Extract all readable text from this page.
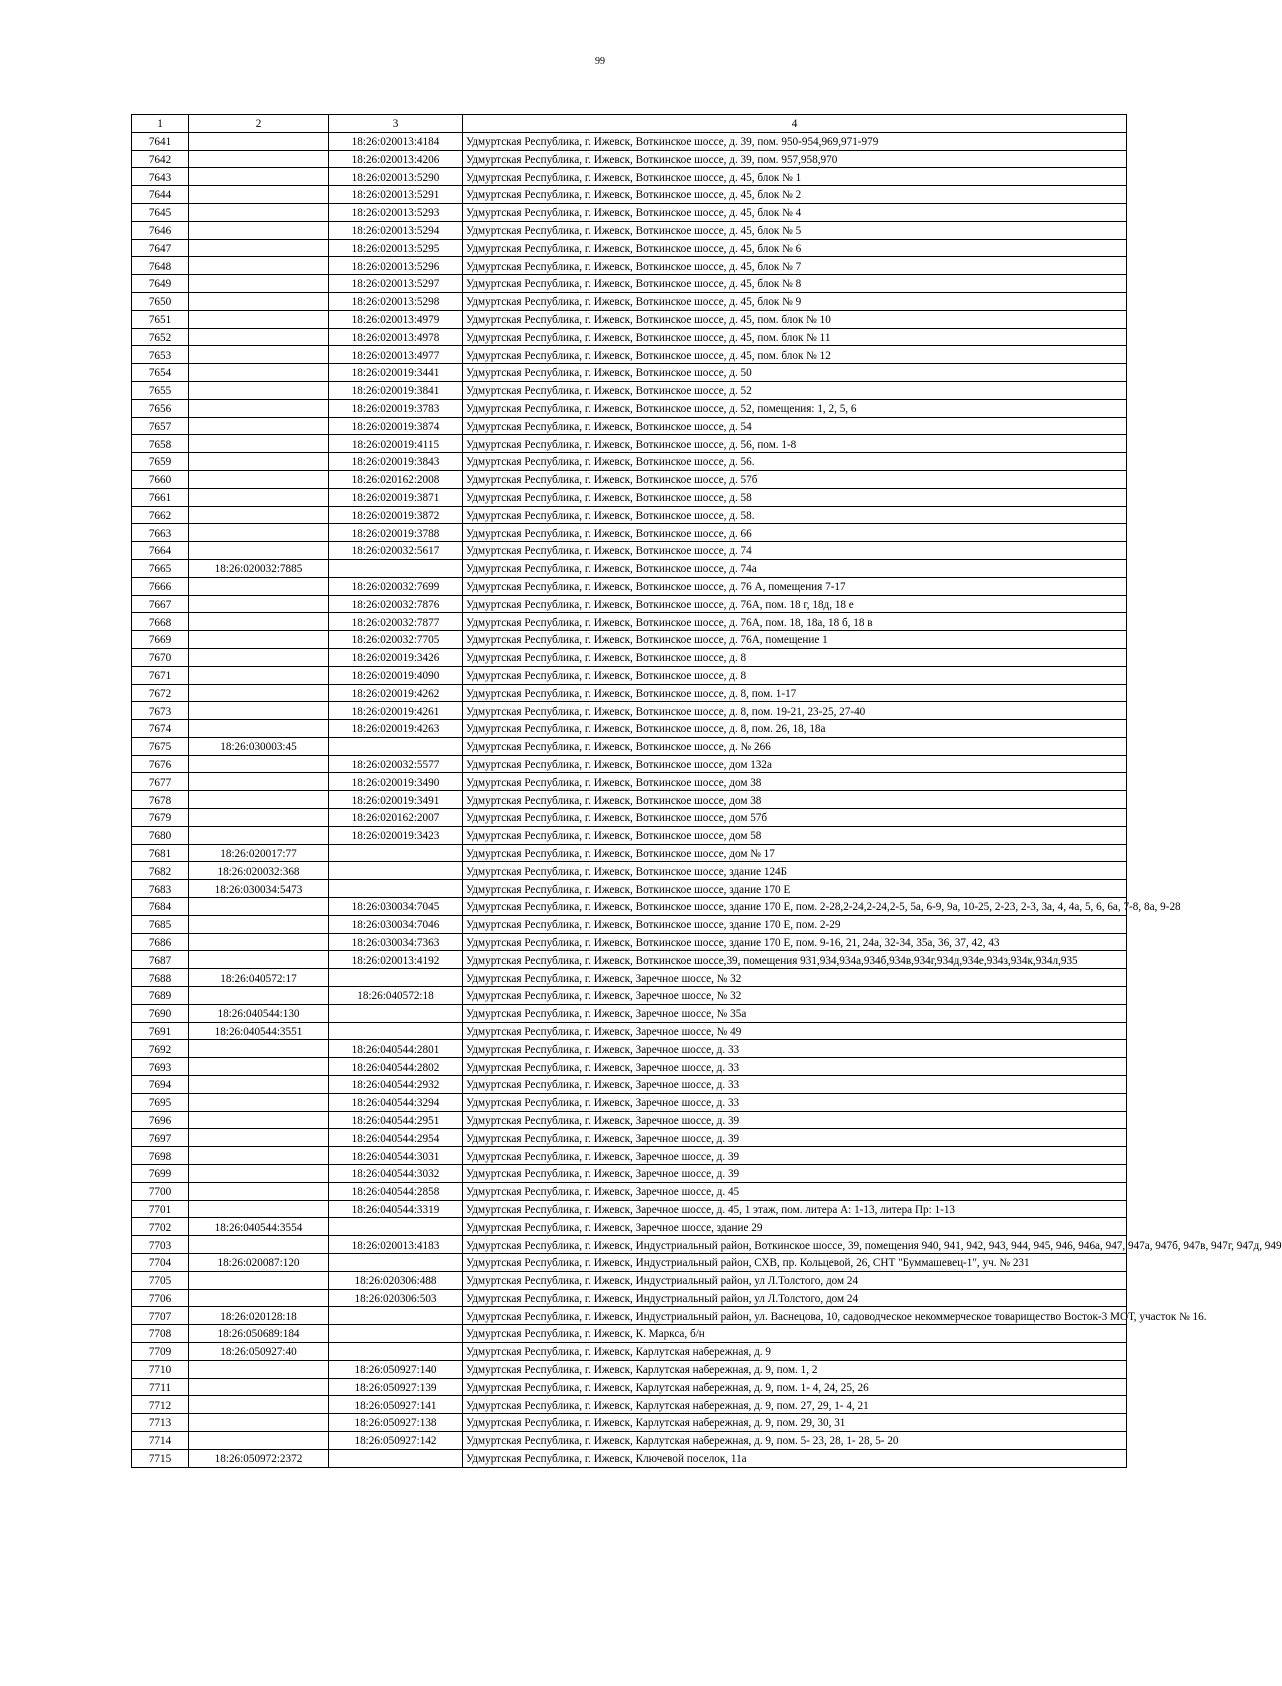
99
1	2	3	4
7641		18:26:020013:4184	Удмуртская Республика, г. Ижевск, Воткинское шоссе, д. 39, пом. 950-954,969,971-979
7642		18:26:020013:4206	Удмуртская Республика, г. Ижевск, Воткинское шоссе, д. 39, пом. 957,958,970
7643		18:26:020013:5290	Удмуртская Республика, г. Ижевск, Воткинское шоссе, д. 45, блок № 1
7644		18:26:020013:5291	Удмуртская Республика, г. Ижевск, Воткинское шоссе, д. 45, блок № 2
7645		18:26:020013:5293	Удмуртская Республика, г. Ижевск, Воткинское шоссе, д. 45, блок № 4
7646		18:26:020013:5294	Удмуртская Республика, г. Ижевск, Воткинское шоссе, д. 45, блок № 5
7647		18:26:020013:5295	Удмуртская Республика, г. Ижевск, Воткинское шоссе, д. 45, блок № 6
7648		18:26:020013:5296	Удмуртская Республика, г. Ижевск, Воткинское шоссе, д. 45, блок № 7
7649		18:26:020013:5297	Удмуртская Республика, г. Ижевск, Воткинское шоссе, д. 45, блок № 8
7650		18:26:020013:5298	Удмуртская Республика, г. Ижевск, Воткинское шоссе, д. 45, блок № 9
7651		18:26:020013:4979	Удмуртская Республика, г. Ижевск, Воткинское шоссе, д. 45, пом. блок № 10
7652		18:26:020013:4978	Удмуртская Республика, г. Ижевск, Воткинское шоссе, д. 45, пом. блок № 11
7653		18:26:020013:4977	Удмуртская Республика, г. Ижевск, Воткинское шоссе, д. 45, пом. блок № 12
7654		18:26:020019:3441	Удмуртская Республика, г. Ижевск, Воткинское шоссе, д. 50
7655		18:26:020019:3841	Удмуртская Республика, г. Ижевск, Воткинское шоссе, д. 52
7656		18:26:020019:3783	Удмуртская Республика, г. Ижевск, Воткинское шоссе, д. 52, помещения: 1, 2, 5, 6
7657		18:26:020019:3874	Удмуртская Республика, г. Ижевск, Воткинское шоссе, д. 54
7658		18:26:020019:4115	Удмуртская Республика, г. Ижевск, Воткинское шоссе, д. 56, пом. 1-8
7659		18:26:020019:3843	Удмуртская Республика, г. Ижевск, Воткинское шоссе, д. 56.
7660		18:26:020162:2008	Удмуртская Республика, г. Ижевск, Воткинское шоссе, д. 57б
7661		18:26:020019:3871	Удмуртская Республика, г. Ижевск, Воткинское шоссе, д. 58
7662		18:26:020019:3872	Удмуртская Республика, г. Ижевск, Воткинское шоссе, д. 58.
7663		18:26:020019:3788	Удмуртская Республика, г. Ижевск, Воткинское шоссе, д. 66
7664		18:26:020032:5617	Удмуртская Республика, г. Ижевск, Воткинское шоссе, д. 74
7665	18:26:020032:7885		Удмуртская Республика, г. Ижевск, Воткинское шоссе, д. 74а
7666		18:26:020032:7699	Удмуртская Республика, г. Ижевск, Воткинское шоссе, д. 76 А, помещения 7-17
7667		18:26:020032:7876	Удмуртская Республика, г. Ижевск, Воткинское шоссе, д. 76А, пом. 18 г, 18д, 18 е
7668		18:26:020032:7877	Удмуртская Республика, г. Ижевск, Воткинское шоссе, д. 76А, пом. 18, 18а, 18 б, 18 в
7669		18:26:020032:7705	Удмуртская Республика, г. Ижевск, Воткинское шоссе, д. 76А, помещение 1
7670		18:26:020019:3426	Удмуртская Республика, г. Ижевск, Воткинское шоссе, д. 8
7671		18:26:020019:4090	Удмуртская Республика, г. Ижевск, Воткинское шоссе, д. 8
7672		18:26:020019:4262	Удмуртская Республика, г. Ижевск, Воткинское шоссе, д. 8, пом. 1-17
7673		18:26:020019:4261	Удмуртская Республика, г. Ижевск, Воткинское шоссе, д. 8, пом. 19-21, 23-25, 27-40
7674		18:26:020019:4263	Удмуртская Республика, г. Ижевск, Воткинское шоссе, д. 8, пом. 26, 18, 18а
7675	18:26:030003:45		Удмуртская Республика, г. Ижевск, Воткинское шоссе, д. № 266
7676		18:26:020032:5577	Удмуртская Республика, г. Ижевск, Воткинское шоссе, дом 132а
7677		18:26:020019:3490	Удмуртская Республика, г. Ижевск, Воткинское шоссе, дом 38
7678		18:26:020019:3491	Удмуртская Республика, г. Ижевск, Воткинское шоссе, дом 38
7679		18:26:020162:2007	Удмуртская Республика, г. Ижевск, Воткинское шоссе, дом 57б
7680		18:26:020019:3423	Удмуртская Республика, г. Ижевск, Воткинское шоссе, дом 58
7681	18:26:020017:77		Удмуртская Республика, г. Ижевск, Воткинское шоссе, дом № 17
7682	18:26:020032:368		Удмуртская Республика, г. Ижевск, Воткинское шоссе, здание 124Б
7683	18:26:030034:5473		Удмуртская Республика, г. Ижевск, Воткинское шоссе, здание 170 Е
7684		18:26:030034:7045	Удмуртская Республика, г. Ижевск, Воткинское шоссе, здание 170 Е, пом. 2-28,2-24,2-24,2-5, 5а, 6-9, 9а, 10-25, 2-23, 2-3, 3а, 4, 4а, 5, 6, 6а, 7-8, 8а, 9-28
7685		18:26:030034:7046	Удмуртская Республика, г. Ижевск, Воткинское шоссе, здание 170 Е, пом. 2-29
7686		18:26:030034:7363	Удмуртская Республика, г. Ижевск, Воткинское шоссе, здание 170 Е, пом. 9-16, 21, 24а, 32-34, 35а, 36, 37, 42, 43
7687		18:26:020013:4192	Удмуртская Республика, г. Ижевск, Воткинское шоссе,39, помещения 931,934,934а,934б,934в,934г,934д,934е,934з,934к,934л,935
7688	18:26:040572:17		Удмуртская Республика, г. Ижевск, Заречное шоссе, № 32
7689		18:26:040572:18	Удмуртская Республика, г. Ижевск, Заречное шоссе, № 32
7690	18:26:040544:130		Удмуртская Республика, г. Ижевск, Заречное шоссе, № 35а
7691	18:26:040544:3551		Удмуртская Республика, г. Ижевск, Заречное шоссе, № 49
7692		18:26:040544:2801	Удмуртская Республика, г. Ижевск, Заречное шоссе, д. 33
7693		18:26:040544:2802	Удмуртская Республика, г. Ижевск, Заречное шоссе, д. 33
7694		18:26:040544:2932	Удмуртская Республика, г. Ижевск, Заречное шоссе, д. 33
7695		18:26:040544:3294	Удмуртская Республика, г. Ижевск, Заречное шоссе, д. 33
7696		18:26:040544:2951	Удмуртская Республика, г. Ижевск, Заречное шоссе, д. 39
7697		18:26:040544:2954	Удмуртская Республика, г. Ижевск, Заречное шоссе, д. 39
7698		18:26:040544:3031	Удмуртская Республика, г. Ижевск, Заречное шоссе, д. 39
7699		18:26:040544:3032	Удмуртская Республика, г. Ижевск, Заречное шоссе, д. 39
7700		18:26:040544:2858	Удмуртская Республика, г. Ижевск, Заречное шоссе, д. 45
7701		18:26:040544:3319	Удмуртская Республика, г. Ижевск, Заречное шоссе, д. 45, 1 этаж, пом. литера А: 1-13, литера Пр: 1-13
7702	18:26:040544:3554		Удмуртская Республика, г. Ижевск, Заречное шоссе, здание 29
7703		18:26:020013:4183	Удмуртская Республика, г. Ижевск, Индустриальный район, Воткинское шоссе, 39, помещения 940, 941, 942, 943, 944, 945, 946, 946а, 947, 947а, 947б, 947в, 947г, 947д, 949
7704	18:26:020087:120		Удмуртская Республика, г. Ижевск, Индустриальный район, СХВ, пр. Кольцевой, 26, СНТ "Буммашевец-1", уч. № 231
7705		18:26:020306:488	Удмуртская Республика, г. Ижевск, Индустриальный район, ул Л.Толстого, дом 24
7706		18:26:020306:503	Удмуртская Республика, г. Ижевск, Индустриальный район, ул Л.Толстого, дом 24
7707	18:26:020128:18		Удмуртская Республика, г. Ижевск, Индустриальный район, ул. Васнецова, 10, садоводческое некоммерческое товарищество Восток-3 МОТ, участок № 16.
7708	18:26:050689:184		Удмуртская Республика, г. Ижевск, К. Маркса, б/н
7709	18:26:050927:40		Удмуртская Республика, г. Ижевск, Карлутская набережная, д. 9
7710		18:26:050927:140	Удмуртская Республика, г. Ижевск, Карлутская набережная, д. 9, пом. 1, 2
7711		18:26:050927:139	Удмуртская Республика, г. Ижевск, Карлутская набережная, д. 9, пом. 1- 4, 24, 25, 26
7712		18:26:050927:141	Удмуртская Республика, г. Ижевск, Карлутская набережная, д. 9, пом. 27, 29, 1- 4, 21
7713		18:26:050927:138	Удмуртская Республика, г. Ижевск, Карлутская набережная, д. 9, пом. 29, 30, 31
7714		18:26:050927:142	Удмуртская Республика, г. Ижевск, Карлутская набережная, д. 9, пом. 5- 23, 28, 1- 28, 5- 20
7715	18:26:050972:2372		Удмуртская Республика, г. Ижевск, Ключевой поселок, 11а
